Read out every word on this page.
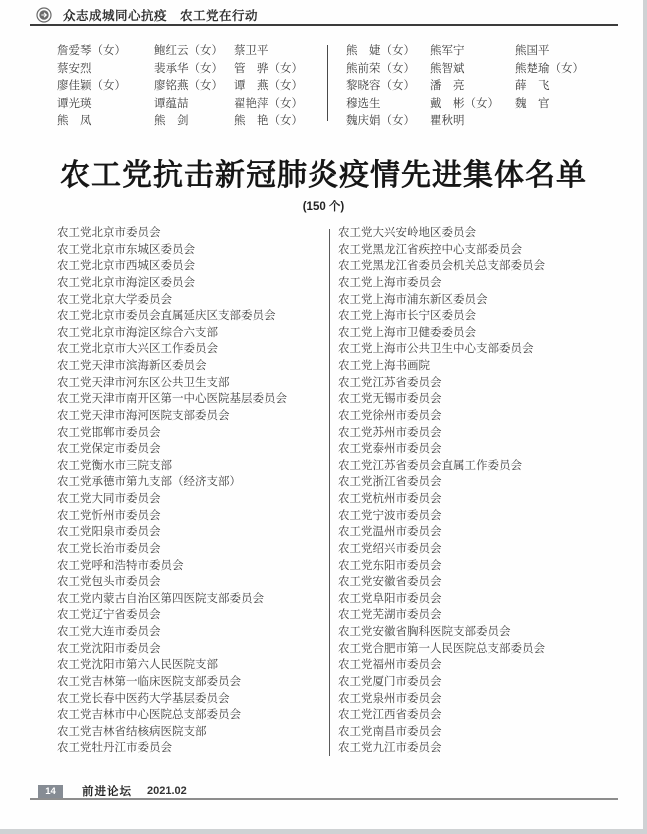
众志成城同心抗疫　农工党在行动
詹爱琴（女）
蔡安烈
廖佳颖（女）
谭光瑛
熊　凤
鲍红云（女）
裴承华（女）
廖铭燕（女）
谭蕴喆
熊　剑
蔡卫平
管　骅（女）
谭　燕（女）
翟艳萍（女）
熊　艳（女）
熊　婕（女）
熊前荣（女）
黎晓容（女）
穆选生
魏庆娟（女）
熊军宁
熊智斌
潘　亮
戴　彬（女）
瞿秋明
熊国平
熊楚瑜（女）
薛　飞
魏　官
农工党抗击新冠肺炎疫情先进集体名单
(150 个)
农工党北京市委员会
农工党北京市东城区委员会
农工党北京市西城区委员会
农工党北京市海淀区委员会
农工党北京大学委员会
农工党北京市委员会直属延庆区支部委员会
农工党北京市海淀区综合六支部
农工党北京市大兴区工作委员会
农工党天津市滨海新区委员会
农工党天津市河东区公共卫生支部
农工党天津市南开区第一中心医院基层委员会
农工党天津市海河医院支部委员会
农工党邯郸市委员会
农工党保定市委员会
农工党衡水市三院支部
农工党承德市第九支部（经济支部）
农工党大同市委员会
农工党忻州市委员会
农工党阳泉市委员会
农工党长治市委员会
农工党呼和浩特市委员会
农工党包头市委员会
农工党内蒙古自治区第四医院支部委员会
农工党辽宁省委员会
农工党大连市委员会
农工党沈阳市委员会
农工党沈阳市第六人民医院支部
农工党吉林第一临床医院支部委员会
农工党长春中医药大学基层委员会
农工党吉林市中心医院总支部委员会
农工党吉林省结核病医院支部
农工党牡丹江市委员会
农工党大兴安岭地区委员会
农工党黑龙江省疾控中心支部委员会
农工党黑龙江省委员会机关总支部委员会
农工党上海市委员会
农工党上海市浦东新区委员会
农工党上海市长宁区委员会
农工党上海市卫健委委员会
农工党上海市公共卫生中心支部委员会
农工党上海书画院
农工党江苏省委员会
农工党无锡市委员会
农工党徐州市委员会
农工党苏州市委员会
农工党泰州市委员会
农工党江苏省委员会直属工作委员会
农工党浙江省委员会
农工党杭州市委员会
农工党宁波市委员会
农工党温州市委员会
农工党绍兴市委员会
农工党东阳市委员会
农工党安徽省委员会
农工党阜阳市委员会
农工党芜湖市委员会
农工党安徽省胸科医院支部委员会
农工党合肥市第一人民医院总支部委员会
农工党福州市委员会
农工党厦门市委员会
农工党泉州市委员会
农工党江西省委员会
农工党南昌市委员会
农工党九江市委员会
14	前进论坛 2021.02
